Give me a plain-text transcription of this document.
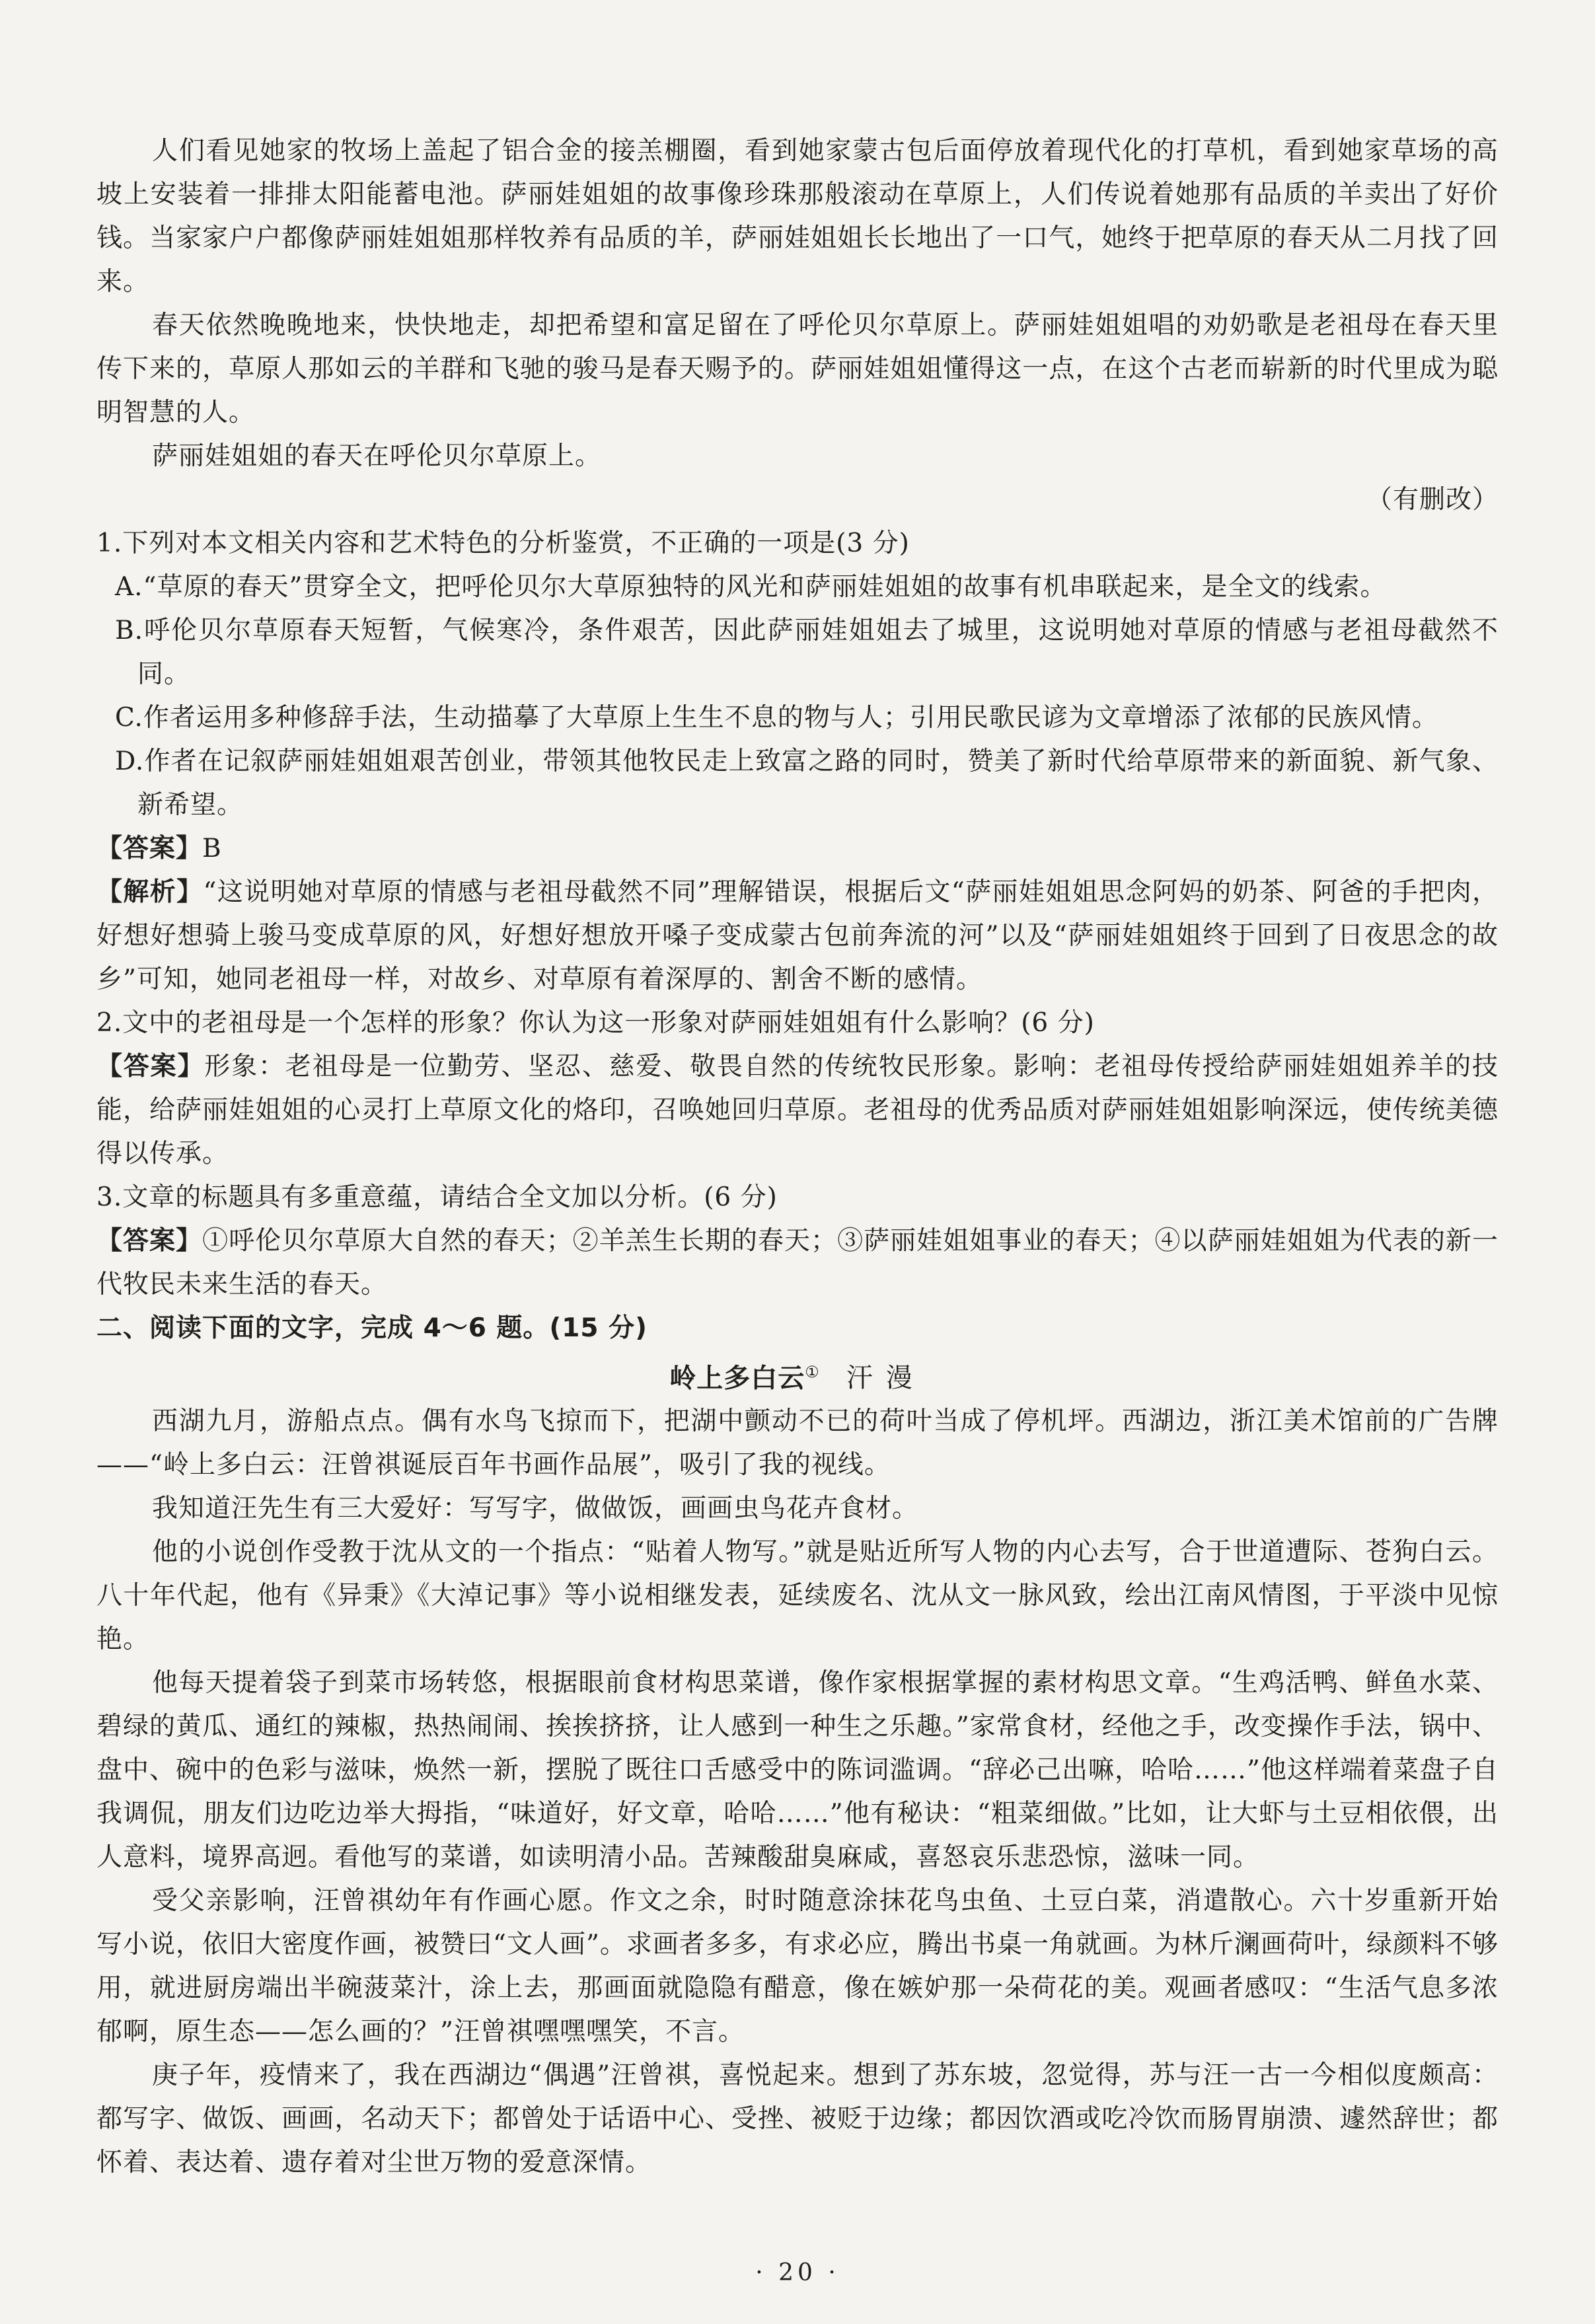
人们看见她家的牧场上盖起了铝合金的接羔棚圈，看到她家蒙古包后面停放着现代化的打草机，看到她家草场的高坡上安装着一排排太阳能蓄电池。萨丽娃姐姐的故事像珍珠那般滚动在草原上，人们传说着她那有品质的羊卖出了好价钱。当家家户户都像萨丽娃姐姐那样牧养有品质的羊，萨丽娃姐姐长长地出了一口气，她终于把草原的春天从二月找了回来。

春天依然晚晚地来，快快地走，却把希望和富足留在了呼伦贝尔草原上。萨丽娃姐姐唱的劝奶歌是老祖母在春天里传下来的，草原人那如云的羊群和飞驰的骏马是春天赐予的。萨丽娃姐姐懂得这一点，在这个古老而崭新的时代里成为聪明智慧的人。

萨丽娃姐姐的春天在呼伦贝尔草原上。

（有删改）

1.下列对本文相关内容和艺术特色的分析鉴赏，不正确的一项是(3 分)

A.“草原的春天”贯穿全文，把呼伦贝尔大草原独特的风光和萨丽娃姐姐的故事有机串联起来，是全文的线索。

B.呼伦贝尔草原春天短暂，气候寒冷，条件艰苦，因此萨丽娃姐姐去了城里，这说明她对草原的情感与老祖母截然不同。

C.作者运用多种修辞手法，生动描摹了大草原上生生不息的物与人；引用民歌民谚为文章增添了浓郁的民族风情。

D.作者在记叙萨丽娃姐姐艰苦创业，带领其他牧民走上致富之路的同时，赞美了新时代给草原带来的新面貌、新气象、新希望。

【答案】B

【解析】“这说明她对草原的情感与老祖母截然不同”理解错误，根据后文“萨丽娃姐姐思念阿妈的奶茶、阿爸的手把肉，好想好想骑上骏马变成草原的风，好想好想放开嗓子变成蒙古包前奔流的河”以及“萨丽娃姐姐终于回到了日夜思念的故乡”可知，她同老祖母一样，对故乡、对草原有着深厚的、割舍不断的感情。

2.文中的老祖母是一个怎样的形象？你认为这一形象对萨丽娃姐姐有什么影响？(6 分)

【答案】形象：老祖母是一位勤劳、坚忍、慈爱、敬畏自然的传统牧民形象。影响：老祖母传授给萨丽娃姐姐养羊的技能，给萨丽娃姐姐的心灵打上草原文化的烙印，召唤她回归草原。老祖母的优秀品质对萨丽娃姐姐影响深远，使传统美德得以传承。

3.文章的标题具有多重意蕴，请结合全文加以分析。(6 分)

【答案】①呼伦贝尔草原大自然的春天；②羊羔生长期的春天；③萨丽娃姐姐事业的春天；④以萨丽娃姐姐为代表的新一代牧民未来生活的春天。

二、阅读下面的文字，完成 4～6 题。(15 分)

岭上多白云① 汗漫

西湖九月，游船点点。偶有水鸟飞掠而下，把湖中颤动不已的荷叶当成了停机坪。西湖边，浙江美术馆前的广告牌——“岭上多白云：汪曾祺诞辰百年书画作品展”，吸引了我的视线。

我知道汪先生有三大爱好：写写字，做做饭，画画虫鸟花卉食材。

他的小说创作受教于沈从文的一个指点：“贴着人物写。”就是贴近所写人物的内心去写，合于世道遭际、苍狗白云。八十年代起，他有《异秉》《大淖记事》等小说相继发表，延续废名、沈从文一脉风致，绘出江南风情图，于平淡中见惊艳。

他每天提着袋子到菜市场转悠，根据眼前食材构思菜谱，像作家根据掌握的素材构思文章。“生鸡活鸭、鲜鱼水菜、碧绿的黄瓜、通红的辣椒，热热闹闹、挨挨挤挤，让人感到一种生之乐趣。”家常食材，经他之手，改变操作手法，锅中、盘中、碗中的色彩与滋味，焕然一新，摆脱了既往口舌感受中的陈词滥调。“辞必己出嘛，哈哈……”他这样端着菜盘子自我调侃，朋友们边吃边举大拇指，“味道好，好文章，哈哈……”他有秘诀：“粗菜细做。”比如，让大虾与土豆相依偎，出人意料，境界高迥。看他写的菜谱，如读明清小品。苦辣酸甜臭麻咸，喜怒哀乐悲恐惊，滋味一同。

受父亲影响，汪曾祺幼年有作画心愿。作文之余，时时随意涂抹花鸟虫鱼、土豆白菜，消遣散心。六十岁重新开始写小说，依旧大密度作画，被赞曰“文人画”。求画者多多，有求必应，腾出书桌一角就画。为林斤澜画荷叶，绿颜料不够用，就进厨房端出半碗菠菜汁，涂上去，那画面就隐隐有醋意，像在嫉妒那一朵荷花的美。观画者感叹：“生活气息多浓郁啊，原生态——怎么画的？”汪曾祺嘿嘿嘿笑，不言。

庚子年，疫情来了，我在西湖边“偶遇”汪曾祺，喜悦起来。想到了苏东坡，忽觉得，苏与汪一古一今相似度颇高：都写字、做饭、画画，名动天下；都曾处于话语中心、受挫、被贬于边缘；都因饮酒或吃冷饮而肠胃崩溃、遽然辞世；都怀着、表达着、遗存着对尘世万物的爱意深情。

· 20 ·
